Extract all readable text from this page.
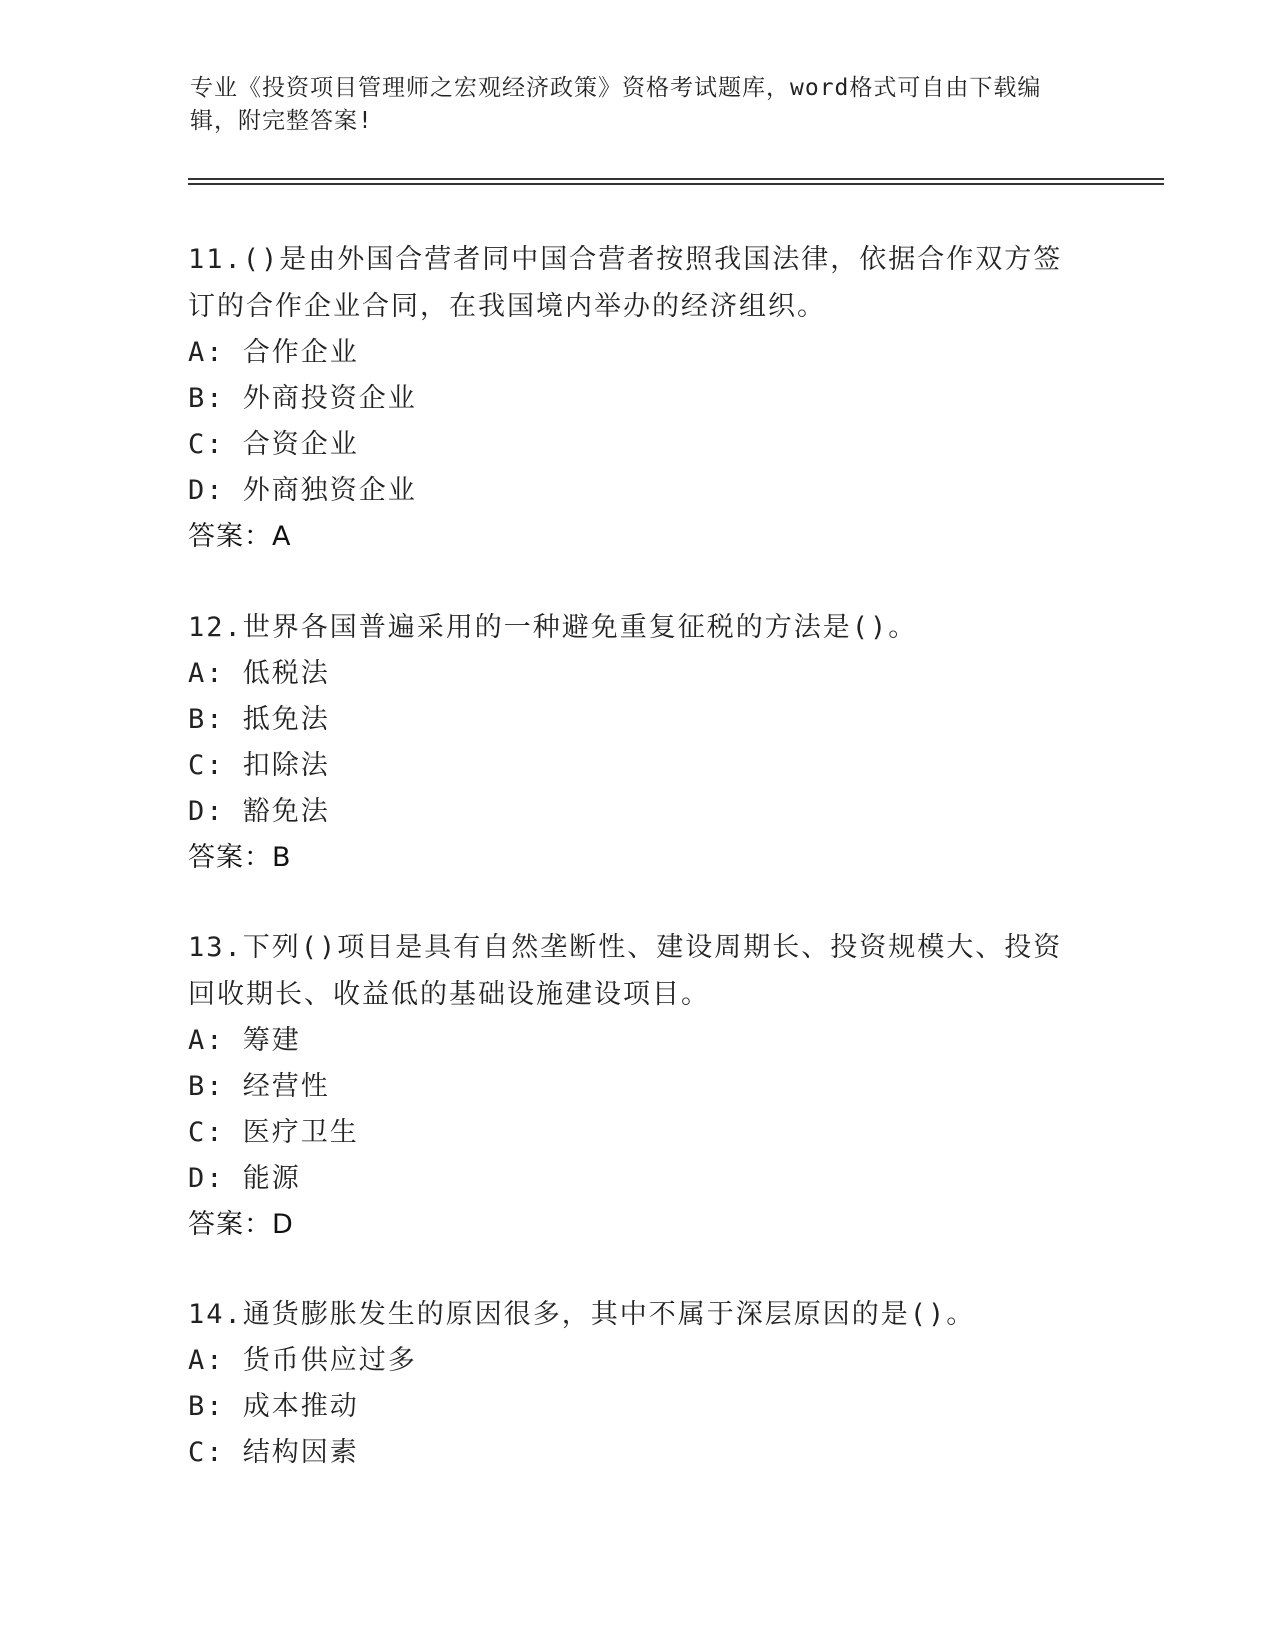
专业《投资项目管理师之宏观经济政策》资格考试题库，word格式可自由下载编辑，附完整答案!
11.()是由外国合营者同中国合营者按照我国法律，依据合作双方签订的合作企业合同，在我国境内举办的经济组织。
A: 合作企业
B: 外商投资企业
C: 合资企业
D: 外商独资企业
答案：A
12.世界各国普遍采用的一种避免重复征税的方法是()。
A: 低税法
B: 抵免法
C: 扣除法
D: 豁免法
答案：B
13.下列()项目是具有自然垄断性、建设周期长、投资规模大、投资回收期长、收益低的基础设施建设项目。
A: 筹建
B: 经营性
C: 医疗卫生
D: 能源
答案：D
14.通货膨胀发生的原因很多，其中不属于深层原因的是()。
A: 货币供应过多
B: 成本推动
C: 结构因素
